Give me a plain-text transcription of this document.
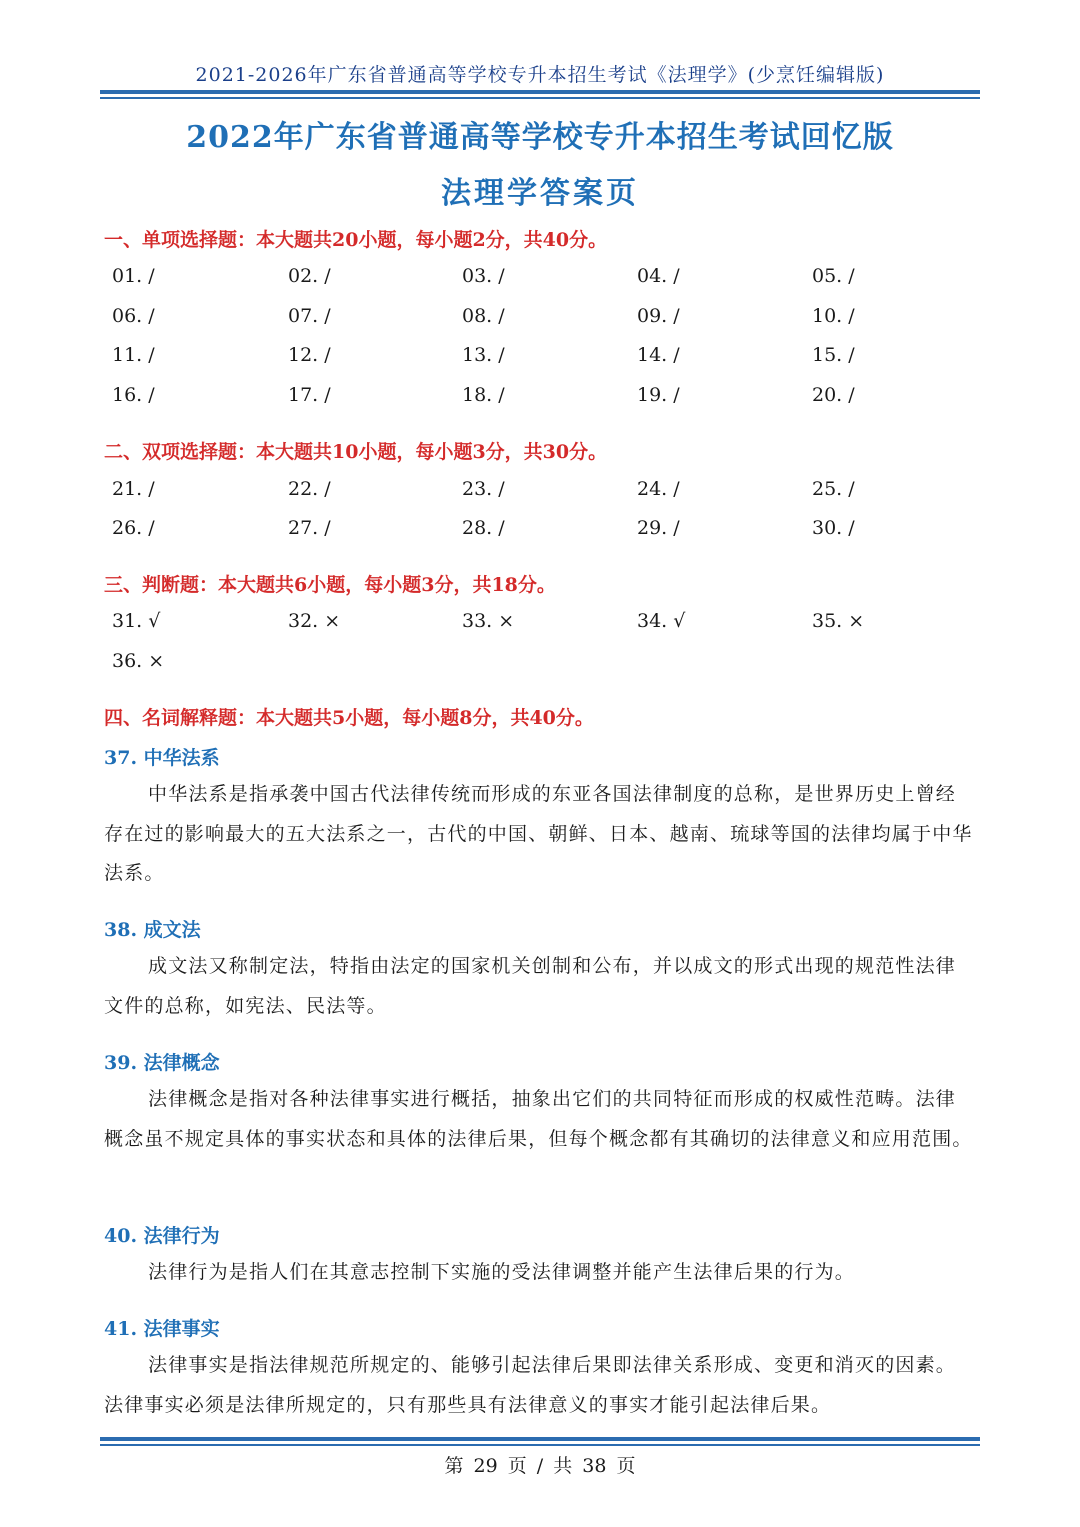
2021-2026年广东省普通高等学校专升本招生考试《法理学》(少烹饪编辑版)
2022年广东省普通高等学校专升本招生考试回忆版
法理学答案页
一、单项选择题：本大题共20小题，每小题2分，共40分。
01. /	02. /	03. /	04. /	05. /
06. /	07. /	08. /	09. /	10. /
11. /	12. /	13. /	14. /	15. /
16. /	17. /	18. /	19. /	20. /
二、双项选择题：本大题共10小题，每小题3分，共30分。
21. /	22. /	23. /	24. /	25. /
26. /	27. /	28. /	29. /	30. /
三、判断题：本大题共6小题，每小题3分，共18分。
31. √	32. ×	33. ×	34. √	35. ×
36. ×
四、名词解释题：本大题共5小题，每小题8分，共40分。
37. 中华法系

中华法系是指承袭中国古代法律传统而形成的东亚各国法律制度的总称，是世界历史上曾经存在过的影响最大的五大法系之一，古代的中国、朝鲜、日本、越南、琉球等国的法律均属于中华法系。

38. 成文法

成文法又称制定法，特指由法定的国家机关创制和公布，并以成文的形式出现的规范性法律文件的总称，如宪法、民法等。

39. 法律概念

法律概念是指对各种法律事实进行概括，抽象出它们的共同特征而形成的权威性范畴。法律概念虽不规定具体的事实状态和具体的法律后果，但每个概念都有其确切的法律意义和应用范围。

40. 法律行为

法律行为是指人们在其意志控制下实施的受法律调整并能产生法律后果的行为。

41. 法律事实

法律事实是指法律规范所规定的、能够引起法律后果即法律关系形成、变更和消灭的因素。法律事实必须是法律所规定的，只有那些具有法律意义的事实才能引起法律后果。

第 29 页 / 共 38 页
